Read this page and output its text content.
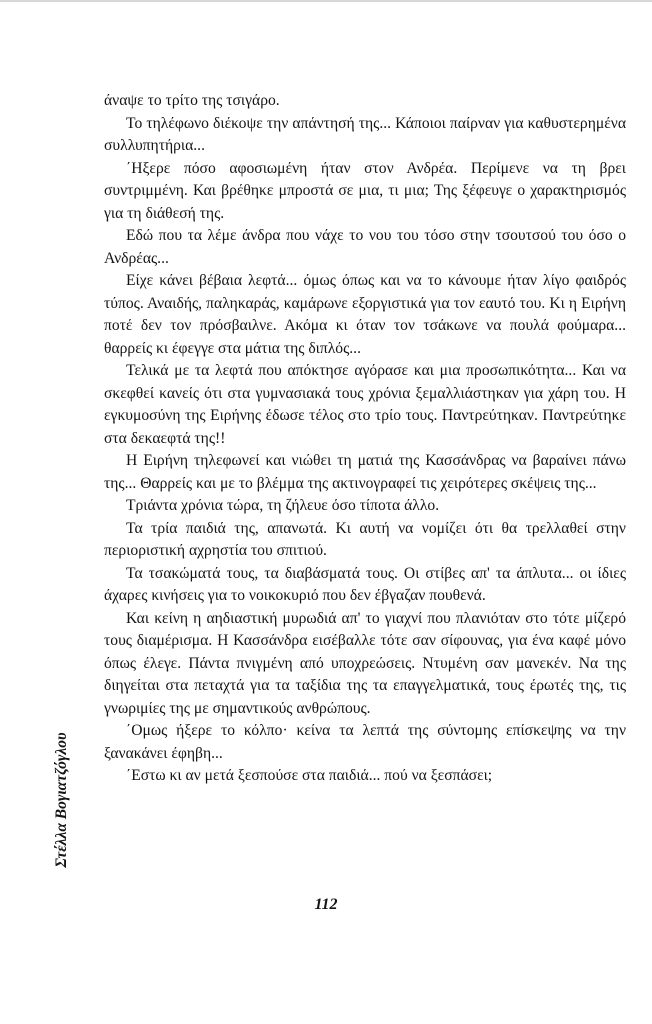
άναψε το τρίτο της τσιγάρο.

Το τηλέφωνο διέκοψε την απάντησή της... Κάποιοι παίρναν για καθυστερημένα συλλυπητήρια...

΄Ηξερε πόσο αφοσιωμένη ήταν στον Ανδρέα. Περίμενε να τη βρει συντριμμένη. Και βρέθηκε μπροστά σε μια, τι μια; Της ξέφευγε ο χαρακτηρισμός για τη διάθεσή της.

Εδώ που τα λέμε άνδρα που νάχε το νου του τόσο στην τσουτσού του όσο ο Ανδρέας...

Είχε κάνει βέβαια λεφτά... όμως όπως και να το κάνουμε ήταν λίγο φαιδρός τύπος. Αναιδής, παληκαράς, καμάρωνε εξοργιστικά για τον εαυτό του. Κι η Ειρήνη ποτέ δεν τον πρόσβαιλνε. Ακόμα κι όταν τον τσάκωνε να πουλά φούμαρα... θαρρείς κι έφεγγε στα μάτια της διπλός...

Τελικά με τα λεφτά που απόκτησε αγόρασε και μια προσωπικότητα... Και να σκεφθεί κανείς ότι στα γυμνασιακά τους χρόνια ξεμαλλιάστηκαν για χάρη του. Η εγκυμοσύνη της Ειρήνης έδωσε τέλος στο τρίο τους. Παντρεύτηκαν. Παντρεύτηκε στα δεκαεφτά της!!

Η Ειρήνη τηλεφωνεί και νιώθει τη ματιά της Κασσάνδρας να βαραίνει πάνω της... Θαρρείς και με το βλέμμα της ακτινογραφεί τις χειρότερες σκέψεις της...

Τριάντα χρόνια τώρα, τη ζήλευε όσο τίποτα άλλο.

Τα τρία παιδιά της, απανωτά. Κι αυτή να νομίζει ότι θα τρελλαθεί στην περιοριστική αχρηστία του σπιτιού.

Τα τσακώματά τους, τα διαβάσματά τους. Οι στίβες απ' τα άπλυτα... οι ίδιες άχαρες κινήσεις για το νοικοκυριό που δεν έβγαζαν πουθενά.

Και κείνη η αηδιαστική μυρωδιά απ' το γιαχνί που πλανιόταν στο τότε μίζερό τους διαμέρισμα. Η Κασσάνδρα εισέβαλλε τότε σαν σίφουνας, για ένα καφέ μόνο όπως έλεγε. Πάντα πνιγμένη από υποχρεώσεις. Ντυμένη σαν μανεκέν. Να της διηγείται στα πεταχτά για τα ταξίδια της τα επαγγελματικά, τους έρωτές της, τις γνωριμίες της με σημαντικούς ανθρώπους.

΄Ομως ήξερε το κόλπο· κείνα τα λεπτά της σύντομης επίσκεψης να την ξανακάνει έφηβη...

΄Εστω κι αν μετά ξεσπούσε στα παιδιά... πού να ξεσπάσει;

Στέλλα Βογιατζόγλου
112
